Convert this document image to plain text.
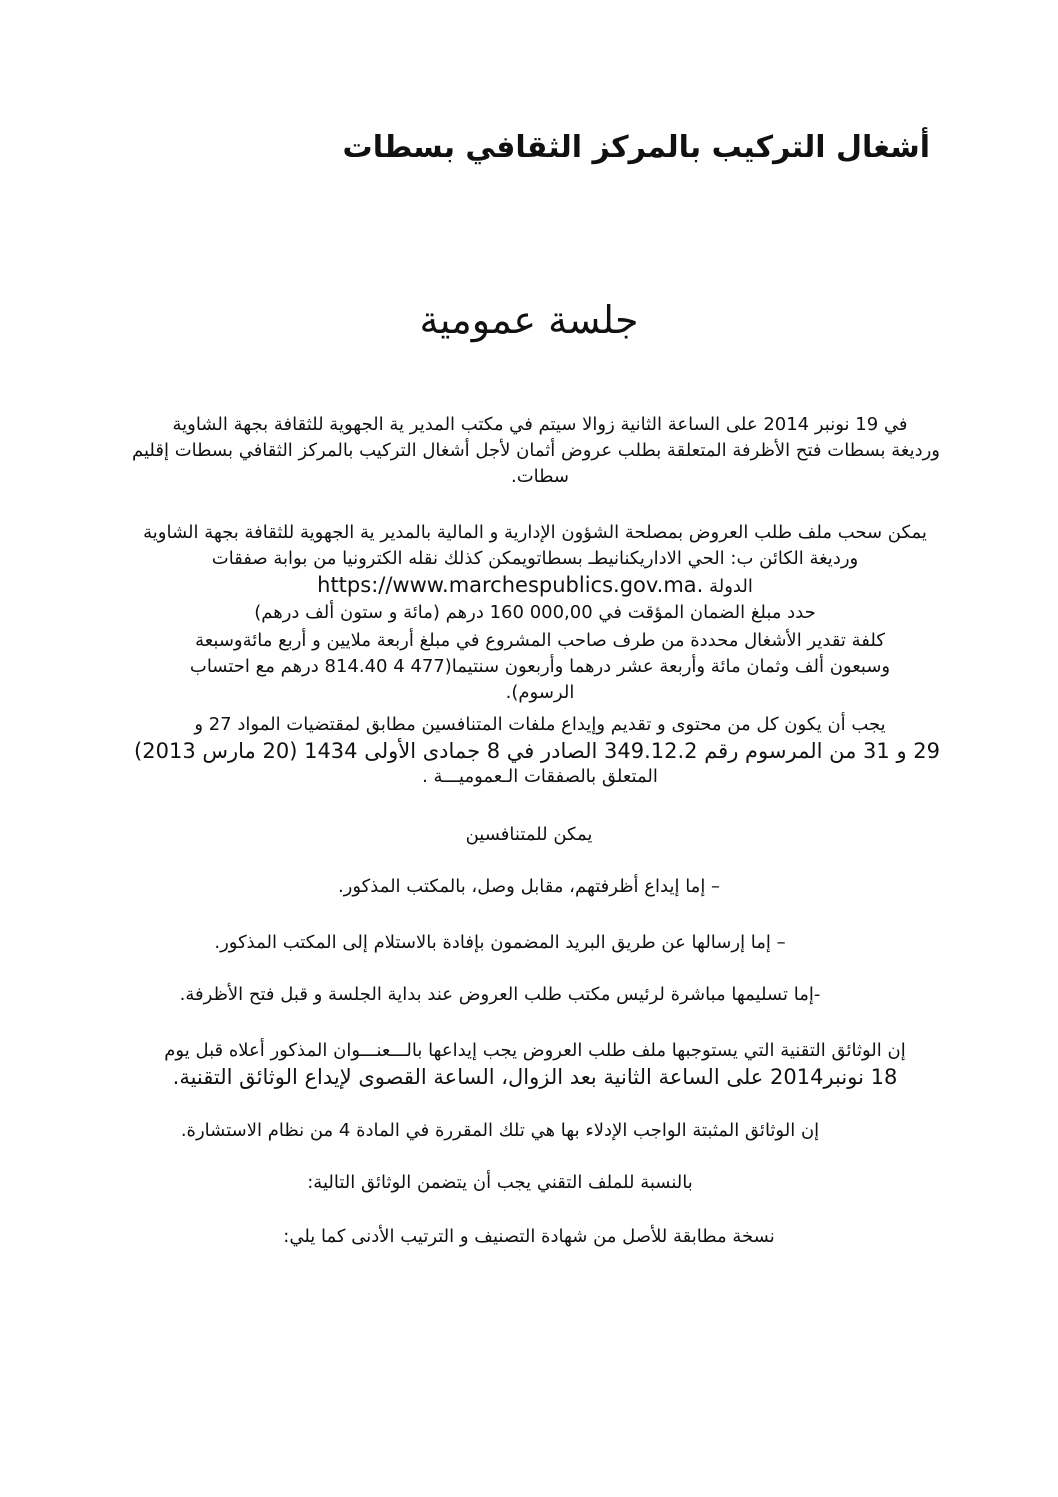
أشغال التركيب بالمركز الثقافي بسطات
جلسة عمومية
في 19 نونبر 2014 على الساعة الثانية زوالا سيتم في مكتب المدير ية الجهوية للثقافة بجهة الشاوية
ورديغة بسطات فتح الأظرفة المتعلقة بطلب عروض أثمان لأجل أشغال التركيب بالمركز الثقافي بسطات إقليم
سطات.
يمكن سحب ملف طلب العروض بمصلحة الشؤون الإدارية و المالية بالمدير ية الجهوية للثقافة بجهة الشاوية
ورديغة الكائن ب: الحي الاداريكنانيطـ بسطاتويمكن كذلك نقله الكترونيا من بوابة صفقات
الدولة https://www.marchespublics.gov.ma.
حدد مبلغ الضمان المؤقت في 000,00 160 درهم (مائة و ستون ألف درهم)
كلفة تقدير الأشغال محددة من طرف صاحب المشروع في مبلغ أربعة ملايين و أربع مائةوسبعة
وسبعون ألف وثمان مائة وأربعة عشر درهما وأربعون سنتيما(477 4 814.40 درهم مع احتساب
الرسوم).
يجب أن يكون كل من محتوى و تقديم وإيداع ملفات المتنافسين مطابق لمقتضيات المواد 27 و
29 و 31 من المرسوم رقم 349.12.2 الصادر في 8 جمادى الأولى 1434 (20 مارس 2013)
المتعلق بالصفقات الـعموميـــة .
يمكن للمتنافسين
– إما إيداع أظرفتهم، مقابل وصل، بالمكتب المذكور.
– إما إرسالها عن طريق البريد المضمون بإفادة بالاستلام إلى المكتب المذكور.
-إما تسليمها مباشرة لرئيس مكتب طلب العروض عند بداية الجلسة و قبل فتح الأظرفة.
إن الوثائق التقنية التي يستوجبها ملف طلب العروض يجب إيداعها بالـــعنـــوان المذكور أعلاه قبل يوم
18 نونبر2014 على الساعة الثانية بعد الزوال، الساعة القصوى لإيداع الوثائق التقنية.
إن الوثائق المثبتة الواجب الإدلاء بها هي تلك المقررة في المادة 4 من نظام الاستشارة.
بالنسبة للملف التقني يجب أن يتضمن الوثائق التالية:
نسخة مطابقة للأصل من شهادة التصنيف و الترتيب الأدنى كما يلي:
